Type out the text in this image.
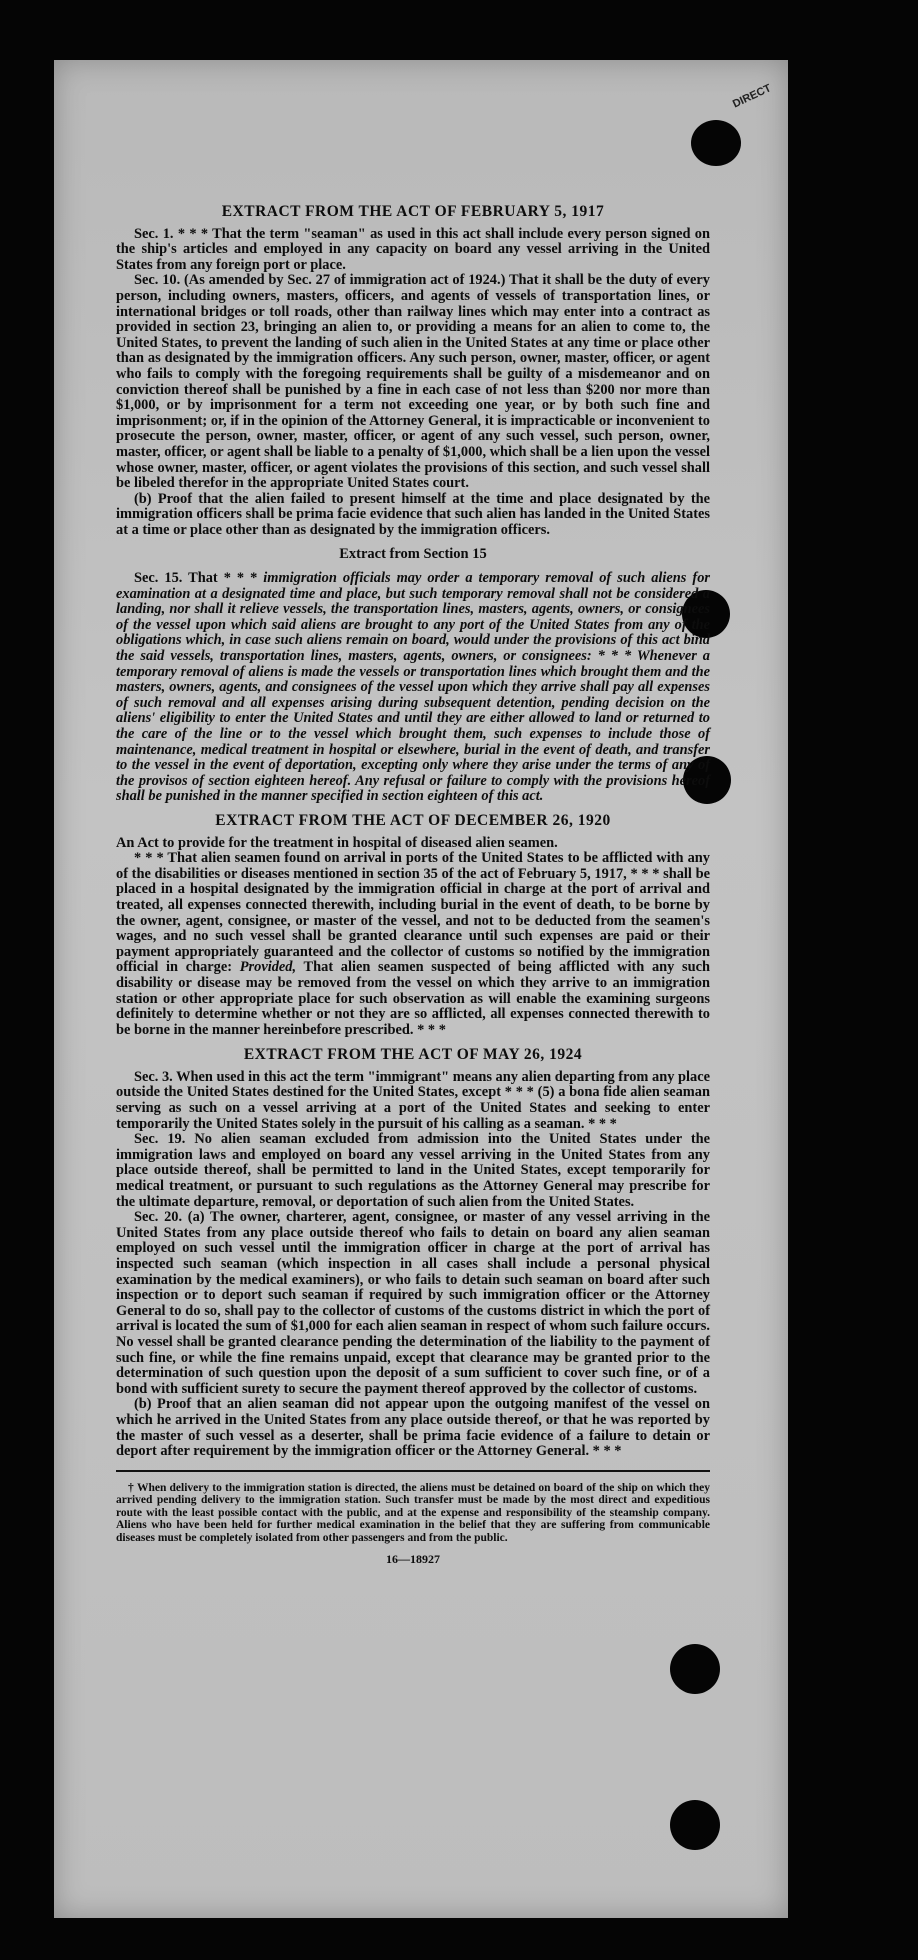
DIRECT
EXTRACT FROM THE ACT OF FEBRUARY 5, 1917

Sec. 1. * * * That the term "seaman" as used in this act shall include every person signed on the ship's articles and employed in any capacity on board any vessel arriving in the United States from any foreign port or place.

Sec. 10. (As amended by Sec. 27 of immigration act of 1924.) That it shall be the duty of every person, including owners, masters, officers, and agents of vessels of transportation lines, or international bridges or toll roads, other than railway lines which may enter into a contract as provided in section 23, bringing an alien to, or providing a means for an alien to come to, the United States, to prevent the landing of such alien in the United States at any time or place other than as designated by the immigration officers. Any such person, owner, master, officer, or agent who fails to comply with the foregoing requirements shall be guilty of a misdemeanor and on conviction thereof shall be punished by a fine in each case of not less than $200 nor more than $1,000, or by imprisonment for a term not exceeding one year, or by both such fine and imprisonment; or, if in the opinion of the Attorney General, it is impracticable or inconvenient to prosecute the person, owner, master, officer, or agent of any such vessel, such person, owner, master, officer, or agent shall be liable to a penalty of $1,000, which shall be a lien upon the vessel whose owner, master, officer, or agent violates the provisions of this section, and such vessel shall be libeled therefor in the appropriate United States court.

(b) Proof that the alien failed to present himself at the time and place designated by the immigration officers shall be prima facie evidence that such alien has landed in the United States at a time or place other than as designated by the immigration officers.

Extract from Section 15

Sec. 15. That * * * immigration officials may order a temporary removal of such aliens for examination at a designated time and place, but such temporary removal shall not be considered a landing, nor shall it relieve vessels, the transportation lines, masters, agents, owners, or consignees of the vessel upon which said aliens are brought to any port of the United States from any of the obligations which, in case such aliens remain on board, would under the provisions of this act bind the said vessels, transportation lines, masters, agents, owners, or consignees: * * * Whenever a temporary removal of aliens is made the vessels or transportation lines which brought them and the masters, owners, agents, and consignees of the vessel upon which they arrive shall pay all expenses of such removal and all expenses arising during subsequent detention, pending decision on the aliens' eligibility to enter the United States and until they are either allowed to land or returned to the care of the line or to the vessel which brought them, such expenses to include those of maintenance, medical treatment in hospital or elsewhere, burial in the event of death, and transfer to the vessel in the event of deportation, excepting only where they arise under the terms of any of the provisos of section eighteen hereof. Any refusal or failure to comply with the provisions hereof shall be punished in the manner specified in section eighteen of this act.

EXTRACT FROM THE ACT OF DECEMBER 26, 1920

An Act to provide for the treatment in hospital of diseased alien seamen.

* * * That alien seamen found on arrival in ports of the United States to be afflicted with any of the disabilities or diseases mentioned in section 35 of the act of February 5, 1917, * * * shall be placed in a hospital designated by the immigration official in charge at the port of arrival and treated, all expenses connected therewith, including burial in the event of death, to be borne by the owner, agent, consignee, or master of the vessel, and not to be deducted from the seamen's wages, and no such vessel shall be granted clearance until such expenses are paid or their payment appropriately guaranteed and the collector of customs so notified by the immigration official in charge: Provided, That alien seamen suspected of being afflicted with any such disability or disease may be removed from the vessel on which they arrive to an immigration station or other appropriate place for such observation as will enable the examining surgeons definitely to determine whether or not they are so afflicted, all expenses connected therewith to be borne in the manner hereinbefore prescribed. * * *

EXTRACT FROM THE ACT OF MAY 26, 1924

Sec. 3. When used in this act the term "immigrant" means any alien departing from any place outside the United States destined for the United States, except * * * (5) a bona fide alien seaman serving as such on a vessel arriving at a port of the United States and seeking to enter temporarily the United States solely in the pursuit of his calling as a seaman. * * *

Sec. 19. No alien seaman excluded from admission into the United States under the immigration laws and employed on board any vessel arriving in the United States from any place outside thereof, shall be permitted to land in the United States, except temporarily for medical treatment, or pursuant to such regulations as the Attorney General may prescribe for the ultimate departure, removal, or deportation of such alien from the United States.

Sec. 20. (a) The owner, charterer, agent, consignee, or master of any vessel arriving in the United States from any place outside thereof who fails to detain on board any alien seaman employed on such vessel until the immigration officer in charge at the port of arrival has inspected such seaman (which inspection in all cases shall include a personal physical examination by the medical examiners), or who fails to detain such seaman on board after such inspection or to deport such seaman if required by such immigration officer or the Attorney General to do so, shall pay to the collector of customs of the customs district in which the port of arrival is located the sum of $1,000 for each alien seaman in respect of whom such failure occurs. No vessel shall be granted clearance pending the determination of the liability to the payment of such fine, or while the fine remains unpaid, except that clearance may be granted prior to the determination of such question upon the deposit of a sum sufficient to cover such fine, or of a bond with sufficient surety to secure the payment thereof approved by the collector of customs.

(b) Proof that an alien seaman did not appear upon the outgoing manifest of the vessel on which he arrived in the United States from any place outside thereof, or that he was reported by the master of such vessel as a deserter, shall be prima facie evidence of a failure to detain or deport after requirement by the immigration officer or the Attorney General. * * *

† When delivery to the immigration station is directed, the aliens must be detained on board of the ship on which they arrived pending delivery to the immigration station. Such transfer must be made by the most direct and expeditious route with the least possible contact with the public, and at the expense and responsibility of the steamship company. Aliens who have been held for further medical examination in the belief that they are suffering from communicable diseases must be completely isolated from other passengers and from the public.

16—18927
